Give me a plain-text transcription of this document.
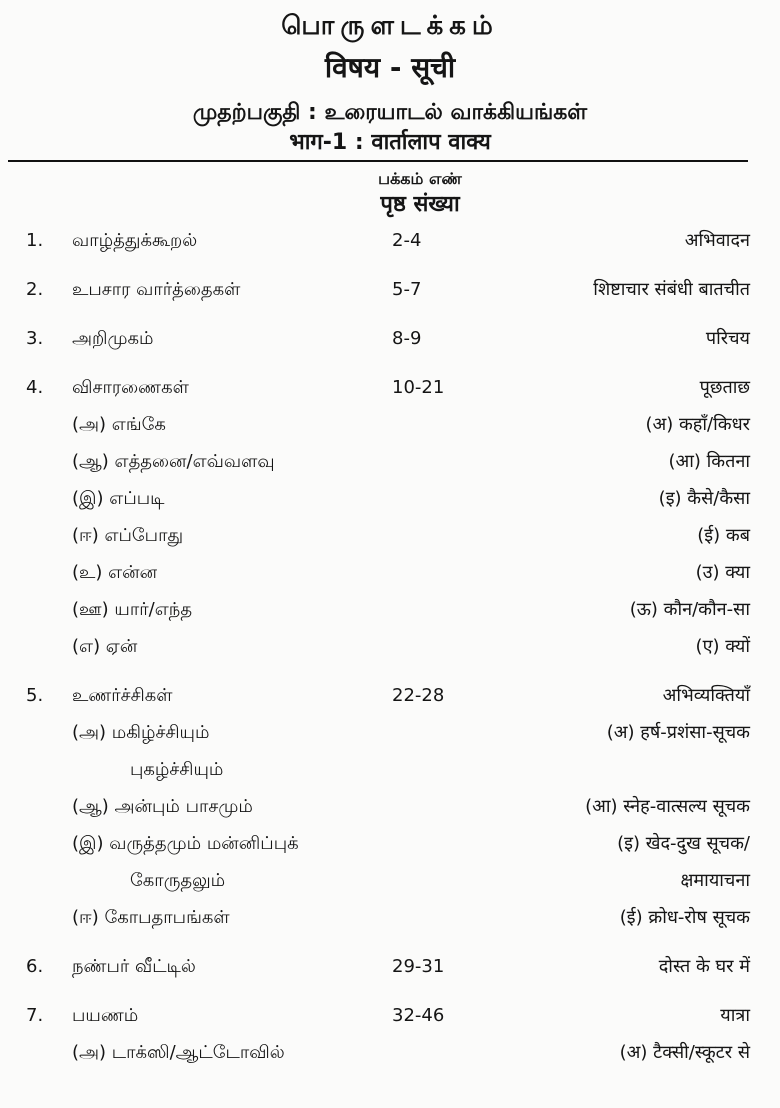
பொருளடக்கம்
विषय - सूची
முதற்பகுதி : உரையாடல் வாக்கியங்கள்
भाग-1 : वार्तालाप वाक्य
பக்கம் எண்
पृष्ठ संख्या
1.	வாழ்த்துக்கூறல்	2-4	अभिवादन
2.	உபசார வார்த்தைகள்	5-7	शिष्टाचार संबंधी बातचीत
3.	அறிமுகம்	8-9	परिचय
4.	விசாரணைகள்	10-21	पूछताछ
(அ) எங்கே	(अ) कहाँ/किधर
(ஆ) எத்தனை/எவ்வளவு	(आ) कितना
(இ) எப்படி	(इ) कैसे/कैसा
(ஈ) எப்போது	(ई) कब
(உ) என்ன	(उ) क्या
(ஊ) யார்/எந்த	(ऊ) कौन/कौन-सा
(எ) ஏன்	(ए) क्यों
5.	உணர்ச்சிகள்	22-28	अभिव्यक्तियाँ
(அ) மகிழ்ச்சியும்	(अ) हर्ष-प्रशंसा-सूचक
புகழ்ச்சியும்
(ஆ) அன்பும் பாசமும்	(आ) स्नेह-वात्सल्य सूचक
(இ) வருத்தமும் மன்னிப்புக்	(इ) खेद-दुख सूचक/
கோருதலும்	क्षमायाचना
(ஈ) கோபதாபங்கள்	(ई) क्रोध-रोष सूचक
6.	நண்பர் வீட்டில்	29-31	दोस्त के घर में
7.	பயணம்	32-46	यात्रा
(அ) டாக்ஸி/ஆட்டோவில்	(अ) टैक्सी/स्कूटर से
